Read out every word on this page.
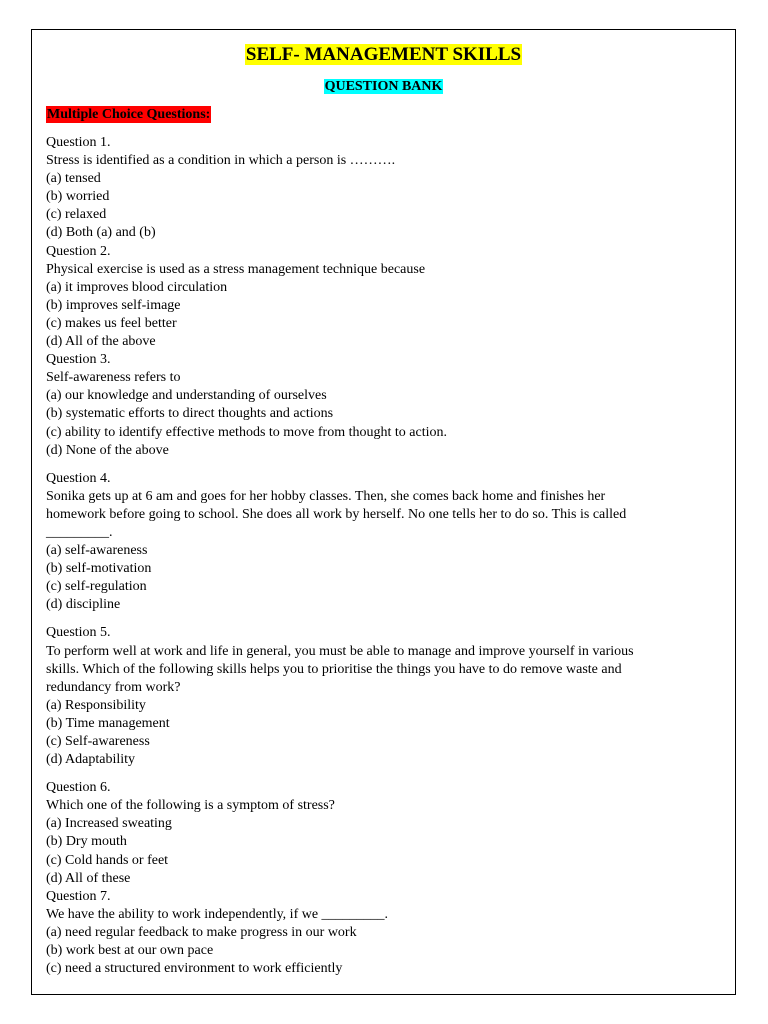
SELF- MANAGEMENT SKILLS
QUESTION BANK
Multiple Choice Questions:
Question 1.
Stress is identified as a condition in which a person is ……….
(a) tensed
(b) worried
(c) relaxed
(d) Both (a) and (b)
Question 2.
Physical exercise is used as a stress management technique because
(a) it improves blood circulation
(b) improves self-image
(c) makes us feel better
(d) All of the above
Question 3.
Self-awareness refers to
(a) our knowledge and understanding of ourselves
(b) systematic efforts to direct thoughts and actions
(c) ability to identify effective methods to move from thought to action.
(d) None of the above
Question 4.
Sonika gets up at 6 am and goes for her hobby classes. Then, she comes back home and finishes her
homework before going to school. She does all work by herself. No one tells her to do so. This is called
_________.
(a) self-awareness
(b) self-motivation
(c) self-regulation
(d) discipline
Question 5.
To perform well at work and life in general, you must be able to manage and improve yourself in various
skills. Which of the following skills helps you to prioritise the things you have to do remove waste and
redundancy from work?
(a) Responsibility
(b) Time management
(c) Self-awareness
(d) Adaptability
Question 6.
Which one of the following is a symptom of stress?
(a) Increased sweating
(b) Dry mouth
(c) Cold hands or feet
(d) All of these
Question 7.
We have the ability to work independently, if we _________.
(a) need regular feedback to make progress in our work
(b) work best at our own pace
(c) need a structured environment to work efficiently
